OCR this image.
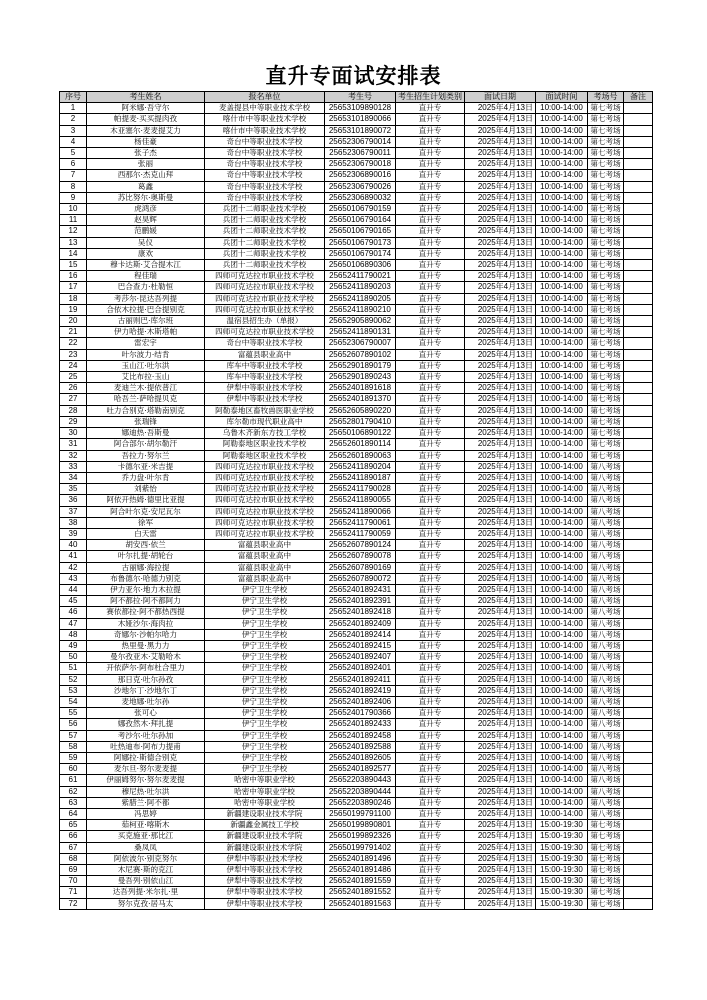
直升专面试安排表
序号	考生姓名	报名单位	考生号	考生招生计划类别	面试日期	面试时间	考场号	备注
1	阿米娜·吾守尔	麦盖提县中等职业技术学校	25653109890128	直升专	2025年4月13日	10:00-14:00	第七考场	
2	帕提麦·买买提肉孜	喀什市中等职业技术学校	25653101890066	直升专	2025年4月13日	10:00-14:00	第七考场	
3	木亚塞尔·麦麦提艾力	喀什市中等职业技术学校	25653101890072	直升专	2025年4月13日	10:00-14:00	第七考场	
4	杨佳豪	奇台中等职业技术学校	25652306790014	直升专	2025年4月13日	10:00-14:00	第七考场	
5	张子杰	奇台中等职业技术学校	25652306790011	直升专	2025年4月13日	10:00-14:00	第七考场	
6	张丽	奇台中等职业技术学校	25652306790018	直升专	2025年4月13日	10:00-14:00	第七考场	
7	西那尔·杰克山拜	奇台中等职业技术学校	25652306890016	直升专	2025年4月13日	10:00-14:00	第七考场	
8	葛鑫	奇台中等职业技术学校	25652306790026	直升专	2025年4月13日	10:00-14:00	第七考场	
9	苏比努尔·奥斯曼	奇台中等职业技术学校	25652306890032	直升专	2025年4月13日	10:00-14:00	第七考场	
10	虎鸿彦	兵团十二师职业技术学校	25650106790159	直升专	2025年4月13日	10:00-14:00	第七考场	
11	赵昊辉	兵团十二师职业技术学校	25650106790164	直升专	2025年4月13日	10:00-14:00	第七考场	
12	范鹏媛	兵团十二师职业技术学校	25650106790165	直升专	2025年4月13日	10:00-14:00	第七考场	
13	吴仪	兵团十二师职业技术学校	25650106790173	直升专	2025年4月13日	10:00-14:00	第七考场	
14	康欢	兵团十二师职业技术学校	25650106790174	直升专	2025年4月13日	10:00-14:00	第七考场	
15	穆卡达斯·艾合提木江	兵团十二师职业技术学校	25650106890306	直升专	2025年4月13日	10:00-14:00	第七考场	
16	程佳瑞	四师可克达拉市职业技术学校	25652411790021	直升专	2025年4月13日	10:00-14:00	第七考场	
17	巴合查力·杜勒恒	四师可克达拉市职业技术学校	25652411890203	直升专	2025年4月13日	10:00-14:00	第七考场	
18	考莎尔·昆达吾列提	四师可克达拉市职业技术学校	25652411890205	直升专	2025年4月13日	10:00-14:00	第七考场	
19	合依木拉提·巴合提别克	四师可克达拉市职业技术学校	25652411890210	直升专	2025年4月13日	10:00-14:00	第七考场	
20	古丽则巴·库尔班	温宿县招生办（单报）	25652905890062	直升专	2025年4月13日	10:00-14:00	第七考场	
21	伊力哈提·木斯塔帕	四师可克达拉市职业技术学校	25652411890131	直升专	2025年4月13日	10:00-14:00	第七考场	
22	雷宏宇	奇台中等职业技术学校	25652306790007	直升专	2025年4月13日	10:00-14:00	第七考场	
23	叶尔波力·结肯	富蕴县职业高中	25652607890102	直升专	2025年4月13日	10:00-14:00	第七考场	
24	玉山江·吐尔洪	库车中等职业技术学校	25652901890179	直升专	2025年4月13日	10:00-14:00	第七考场	
25	艾比布拉·玉山	库车中等职业技术学校	25652901890243	直升专	2025年4月13日	10:00-14:00	第七考场	
26	麦迪兰木·提依普江	伊犁中等职业技术学校	25652401891618	直升专	2025年4月13日	10:00-14:00	第七考场	
27	哈吾兰·萨哈提贝克	伊犁中等职业技术学校	25652401891370	直升专	2025年4月13日	10:00-14:00	第七考场	
28	吐力合别克·塔勒南别克	阿勒泰地区畜牧兽医职业学校	25652605890220	直升专	2025年4月13日	10:00-14:00	第七考场	
29	张瑞锋	库尔勒市现代职业高中	25652801790410	直升专	2025年4月13日	10:00-14:00	第七考场	
30	娜迪热·吾斯曼	乌鲁木齐新东方技工学校	25650106890122	直升专	2025年4月13日	10:00-14:00	第七考场	
31	阿合部尔·胡尔勒汗	阿勒泰地区职业技术学校	25652601890114	直升专	2025年4月13日	10:00-14:00	第七考场	
32	吾拉力·努尔兰	阿勒泰地区职业技术学校	25652601890063	直升专	2025年4月13日	10:00-14:00	第七考场	
33	卡德尔亚·米吉提	四师可克达拉市职业技术学校	25652411890204	直升专	2025年4月13日	10:00-14:00	第八考场	
34	乔力盘·叶尔肯	四师可克达拉市职业技术学校	25652411890187	直升专	2025年4月13日	10:00-14:00	第八考场	
35	刘紫怡	四师可克达拉市职业技术学校	25652411790028	直升专	2025年4月13日	10:00-14:00	第八考场	
36	阿依开热姆·德里比亚提	四师可克达拉市职业技术学校	25652411890055	直升专	2025年4月13日	10:00-14:00	第八考场	
37	阿合叶尔克·安尼瓦尔	四师可克达拉市职业技术学校	25652411890066	直升专	2025年4月13日	10:00-14:00	第八考场	
38	徐军	四师可克达拉市职业技术学校	25652411790061	直升专	2025年4月13日	10:00-14:00	第八考场	
39	白天雷	四师可克达拉市职业技术学校	25652411790059	直升专	2025年4月13日	10:00-14:00	第八考场	
40	胡安西·依兰	富蕴县职业高中	25652607890124	直升专	2025年4月13日	10:00-14:00	第八考场	
41	叶尔扎提·胡轮台	富蕴县职业高中	25652607890078	直升专	2025年4月13日	10:00-14:00	第八考场	
42	古丽娜·海拉提	富蕴县职业高中	25652607890169	直升专	2025年4月13日	10:00-14:00	第八考场	
43	布鲁德尔·哈德力别克	富蕴县职业高中	25652607890072	直升专	2025年4月13日	10:00-14:00	第八考场	
44	伊力亚尔·地力木拉提	伊宁卫生学校	25652401892431	直升专	2025年4月13日	10:00-14:00	第八考场	
45	阿不都拉·阿不都阿力	伊宁卫生学校	25652401892391	直升专	2025年4月13日	10:00-14:00	第八考场	
46	赛依都拉·阿不都热西提	伊宁卫生学校	25652401892418	直升专	2025年4月13日	10:00-14:00	第八考场	
47	木娅沙尔·海肉拉	伊宁卫生学校	25652401892409	直升专	2025年4月13日	10:00-14:00	第八考场	
48	奇娜尔·沙帕尔哈力	伊宁卫生学校	25652401892414	直升专	2025年4月13日	10:00-14:00	第八考场	
49	热里曼·黑力力	伊宁卫生学校	25652401892415	直升专	2025年4月13日	10:00-14:00	第八考场	
50	曼尔孜亚木·艾勒哈木	伊宁卫生学校	25652401892407	直升专	2025年4月13日	10:00-14:00	第八考场	
51	开依萨尔·阿布杜合里力	伊宁卫生学校	25652401892401	直升专	2025年4月13日	10:00-14:00	第八考场	
52	那日克·吐尔孙孜	伊宁卫生学校	25652401892411	直升专	2025年4月13日	10:00-14:00	第八考场	
53	沙地尔丁·沙地尔丁	伊宁卫生学校	25652401892419	直升专	2025年4月13日	10:00-14:00	第八考场	
54	麦地娜·吐尔孙	伊宁卫生学校	25652401892406	直升专	2025年4月13日	10:00-14:00	第八考场	
55	张可心	伊宁卫生学校	25652401790366	直升专	2025年4月13日	10:00-14:00	第八考场	
56	娜孜然木·拜扎提	伊宁卫生学校	25652401892433	直升专	2025年4月13日	10:00-14:00	第八考场	
57	考沙尔·吐尔孙加	伊宁卫生学校	25652401892458	直升专	2025年4月13日	10:00-14:00	第八考场	
58	吐热迪布·阿布力提甫	伊宁卫生学校	25652401892588	直升专	2025年4月13日	10:00-14:00	第八考场	
59	阿娜拉·斯德合别克	伊宁卫生学校	25652401892605	直升专	2025年4月13日	10:00-14:00	第八考场	
60	麦尔旦·努尔麦麦提	伊宁卫生学校	25652401892577	直升专	2025年4月13日	10:00-14:00	第八考场	
61	伊丽姆努尔·努尔麦麦提	哈密中等职业学校	25652203890443	直升专	2025年4月13日	10:00-14:00	第八考场	
62	穆尼热·吐尔洪	哈密中等职业学校	25652203890444	直升专	2025年4月13日	10:00-14:00	第八考场	
63	紫腊兰·阿不都	哈密中等职业学校	25652203890246	直升专	2025年4月13日	10:00-14:00	第八考场	
64	冯思婷	新疆建设职业技术学院	25650199791100	直升专	2025年4月13日	10:00-14:00	第八考场	
65	茹柯亚·喀斯木	新疆鑫金属技工学校	25650199890801	直升专	2025年4月13日	15:00-19:30	第七考场	
66	买克施亚·那比江	新疆建设职业技术学院	25650199892326	直升专	2025年4月13日	15:00-19:30	第七考场	
67	桑凤凤	新疆建设职业技术学院	25650199791402	直升专	2025年4月13日	15:00-19:30	第七考场	
68	阿依波尔·别克努尔	伊犁中等职业技术学校	25652401891496	直升专	2025年4月13日	15:00-19:30	第七考场	
69	木尼赛·斯的克江	伊犁中等职业技术学校	25652401891486	直升专	2025年4月13日	15:00-19:30	第七考场	
70	曼吾列·别依山江	伊犁中等职业技术学校	25652401891559	直升专	2025年4月13日	15:00-19:30	第七考场	
71	达吾列提·米尔扎·里	伊犁中等职业技术学校	25652401891552	直升专	2025年4月13日	15:00-19:30	第七考场	
72	努尔克孜·居马太	伊犁中等职业技术学校	25652401891563	直升专	2025年4月13日	15:00-19:30	第七考场	
